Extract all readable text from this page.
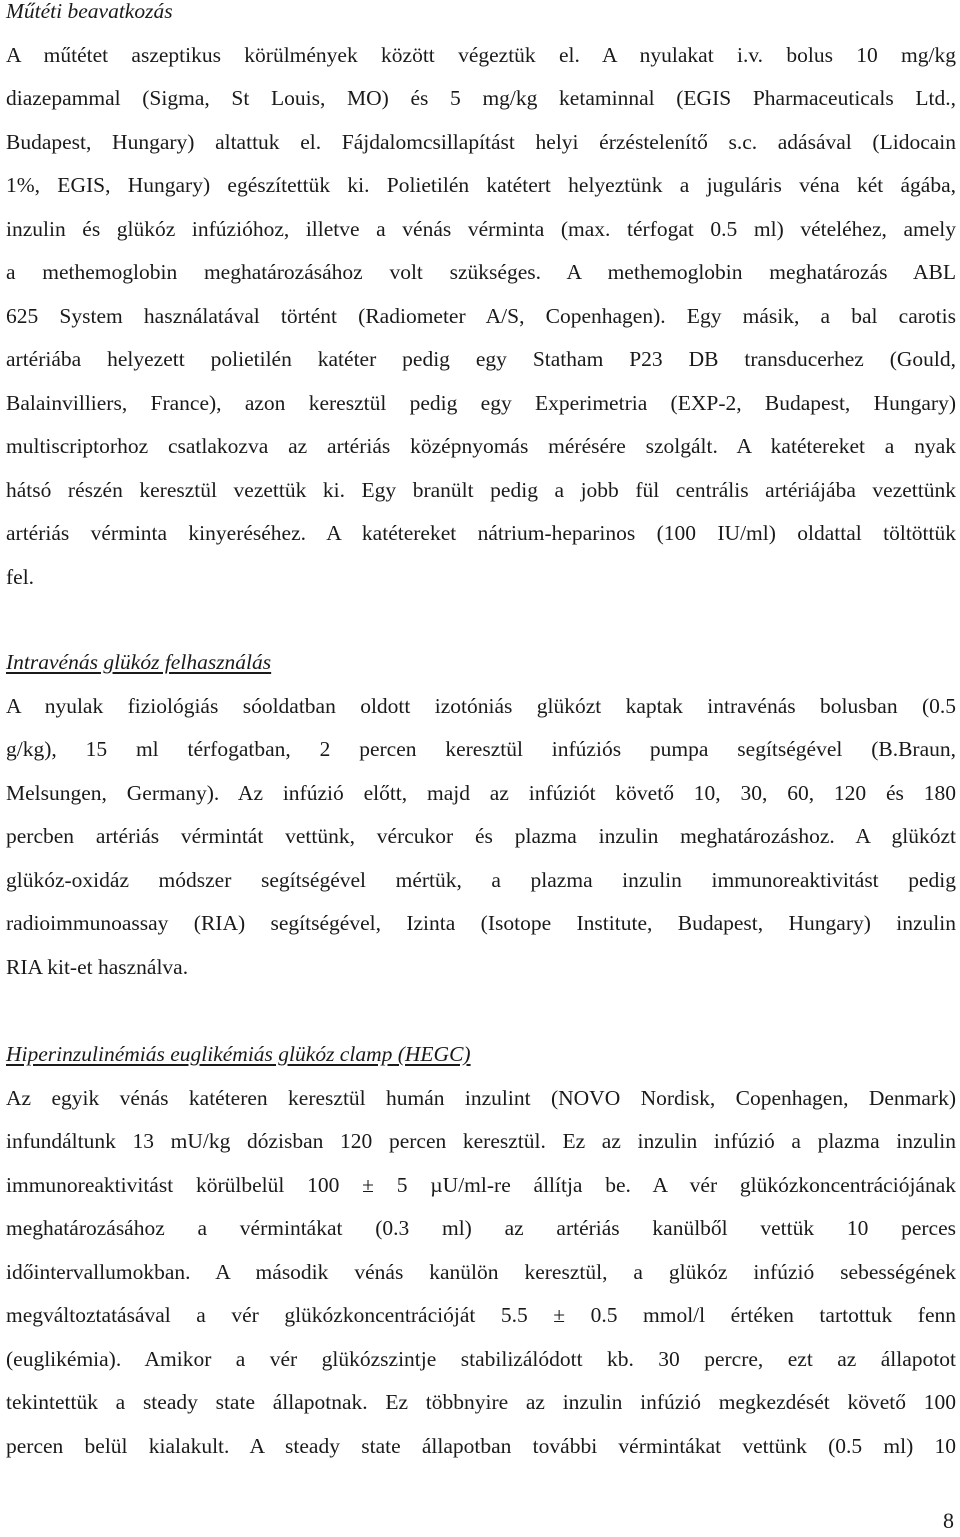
Műtéti beavatkozás

A műtétet aszeptikus körülmények között végeztük el. A nyulakat i.v. bolus 10 mg/kg

diazepammal (Sigma, St Louis, MO) és 5 mg/kg ketaminnal (EGIS Pharmaceuticals Ltd.,

Budapest, Hungary) altattuk el. Fájdalomcsillapítást helyi érzéstelenítő s.c. adásával (Lidocain

1%, EGIS, Hungary) egészítettük ki. Polietilén katétert helyeztünk a juguláris véna két ágába,

inzulin és glükóz infúzióhoz, illetve a vénás vérminta (max. térfogat 0.5 ml) vételéhez, amely

a methemoglobin meghatározásához volt szükséges. A methemoglobin meghatározás ABL

625 System használatával történt (Radiometer A/S, Copenhagen). Egy másik, a bal carotis

artériába helyezett polietilén katéter pedig egy Statham P23 DB transducerhez (Gould,

Balainvilliers, France), azon keresztül pedig egy Experimetria (EXP-2, Budapest, Hungary)

multiscriptorhoz csatlakozva az artériás középnyomás mérésére szolgált. A katétereket a nyak

hátsó részén keresztül vezettük ki. Egy branült pedig a jobb fül centrális artériájába vezettünk

artériás vérminta kinyeréséhez. A katétereket nátrium-heparinos (100 IU/ml) oldattal töltöttük

fel.

Intravénás glükóz felhasználás

A nyulak fiziológiás sóoldatban oldott izotóniás glükózt kaptak intravénás bolusban (0.5

g/kg), 15 ml térfogatban, 2 percen keresztül infúziós pumpa segítségével (B.Braun,

Melsungen, Germany). Az infúzió előtt, majd az infúziót követő 10, 30, 60, 120 és 180

percben artériás vérmintát vettünk, vércukor és plazma inzulin meghatározáshoz. A glükózt

glükóz-oxidáz módszer segítségével mértük, a plazma inzulin immunoreaktivitást pedig

radioimmunoassay (RIA) segítségével, Izinta (Isotope Institute, Budapest, Hungary) inzulin

RIA kit-et használva.

Hiperinzulinémiás euglikémiás glükóz clamp (HEGC)

Az egyik vénás katéteren keresztül humán inzulint (NOVO Nordisk, Copenhagen, Denmark)

infundáltunk 13 mU/kg dózisban 120 percen keresztül. Ez az inzulin infúzió a plazma inzulin

immunoreaktivitást körülbelül 100 ± 5 µU/ml-re állítja be. A vér glükózkoncentrációjának

meghatározásához a vérmintákat (0.3 ml) az artériás kanülből vettük 10 perces

időintervallumokban. A második vénás kanülön keresztül, a glükóz infúzió sebességének

megváltoztatásával a vér glükózkoncentrációját 5.5 ± 0.5 mmol/l értéken tartottuk fenn

(euglikémia). Amikor a vér glükózszintje stabilizálódott kb. 30 percre, ezt az állapotot

tekintettük a steady state állapotnak. Ez többnyire az inzulin infúzió megkezdését követő 100

percen belül kialakult. A steady state állapotban további vérmintákat vettünk (0.5 ml) 10

8
